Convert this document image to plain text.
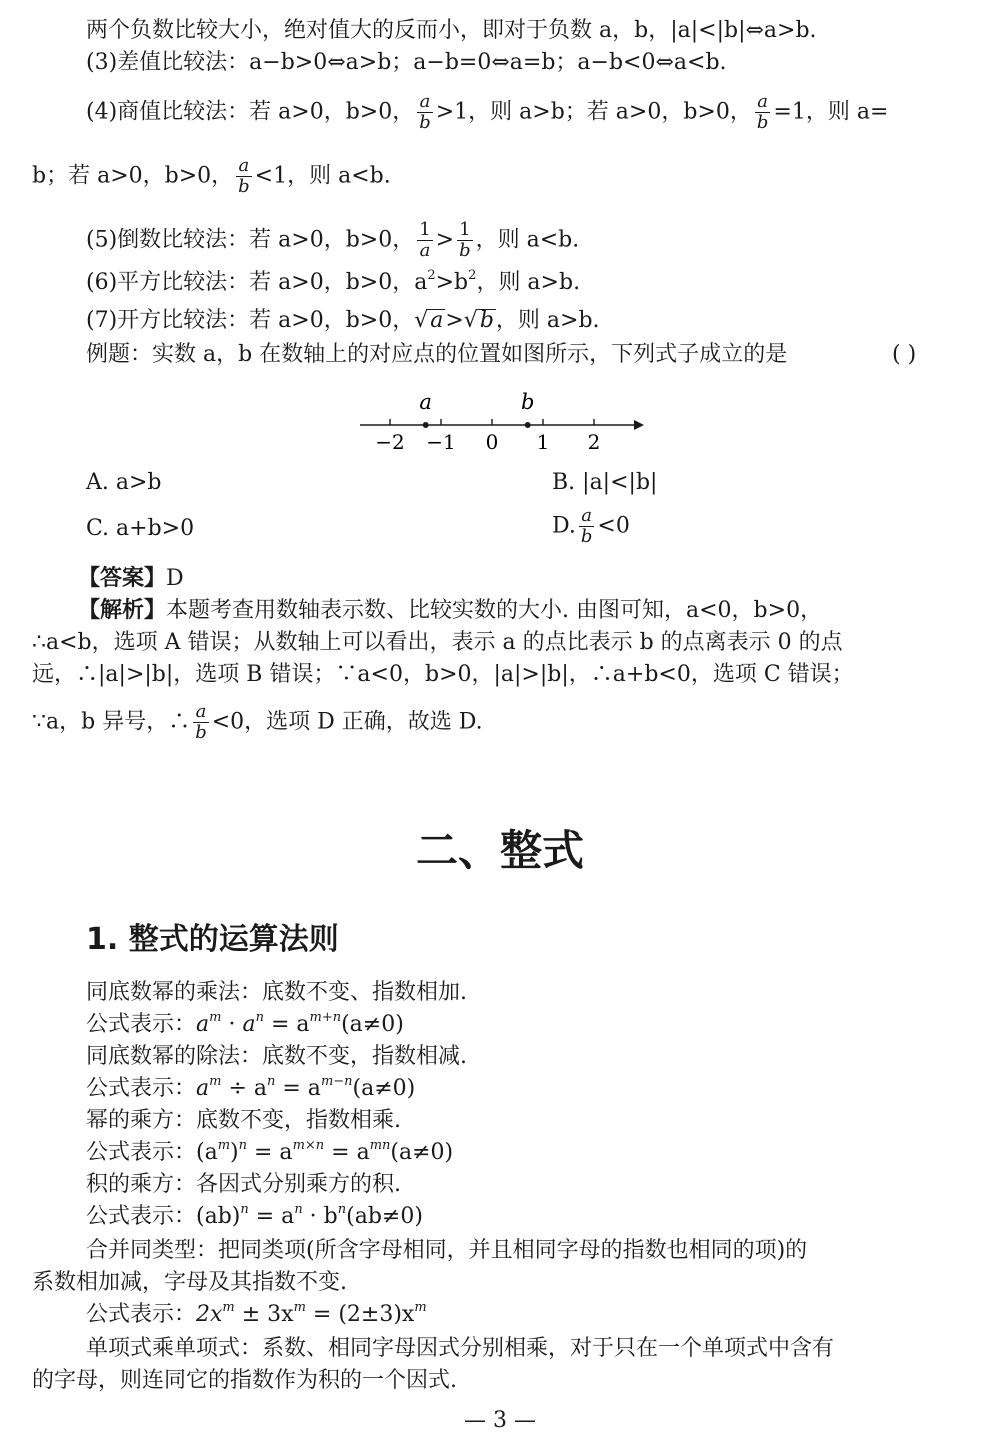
两个负数比较大小，绝对值大的反而小，即对于负数 a，b，|a|<|b|⇔a>b.
(3)差值比较法：a−b>0⇔a>b；a−b=0⇔a=b；a−b<0⇔a<b.
(4)商值比较法：若 a>0，b>0， $\frac{a}{b} >1$，则 a>b；若 a>0，b>0， $\frac{a}{b} =1$，则 a=
b；若 a>0，b>0， $\frac{a}{b} <1$，则 a<b.
(5)倒数比较法：若 a>0，b>0， $\frac{1}{a} > \frac{1}{b}$ ，则 a<b.
(6)平方比较法：若 a>0，b>0，$a^2>b^2$，则 a>b.
(7)开方比较法：若 a>0，b>0，√a>√b，则 a>b.
例题：实数 a，b 在数轴上的对应点的位置如图所示，下列式子成立的是	( )
−2 −1 0 1 2
a	b
A. a>b	B. |a|<|b|
C. a+b>0	D. $\frac{a}{b} <0$
【答案】D
【解析】本题考查用数轴表示数、比较实数的大小. 由图可知，a<0，b>0，
∴a<b，选项 A 错误；从数轴上可以看出，表示 a 的点比表示 b 的点离表示 0 的点
远，∴|a|>|b|，选项 B 错误；∵a<0，b>0，|a|>|b|，∴a+b<0，选项 C 错误；
∵a，b 异号，∴ $\frac{a}{b} <0$，选项 D 正确，故选 D.
二、整式
1. 整式的运算法则
同底数幂的乘法：底数不变、指数相加.
公式表示：$a^m \cdot a^n = a^{m+n}(a\ne 0)$
同底数幂的除法：底数不变，指数相减.
公式表示：$a^m \div a^n = a^{m-n}(a\ne 0)$
幂的乘方：底数不变，指数相乘.
公式表示：$(a^m)^n = a^{m\times n} = a^{mn}(a\ne 0)$
积的乘方：各因式分别乘方的积.
公式表示：$(ab)^n = a^n \cdot b^n(ab\ne 0)$
合并同类型：把同类项(所含字母相同，并且相同字母的指数也相同的项)的
系数相加减，字母及其指数不变.
公式表示：$2x^m \pm 3x^m = (2\pm 3)x^m$
单项式乘单项式：系数、相同字母因式分别相乘，对于只在一个单项式中含有
的字母，则连同它的指数作为积的一个因式.
— 3 —
